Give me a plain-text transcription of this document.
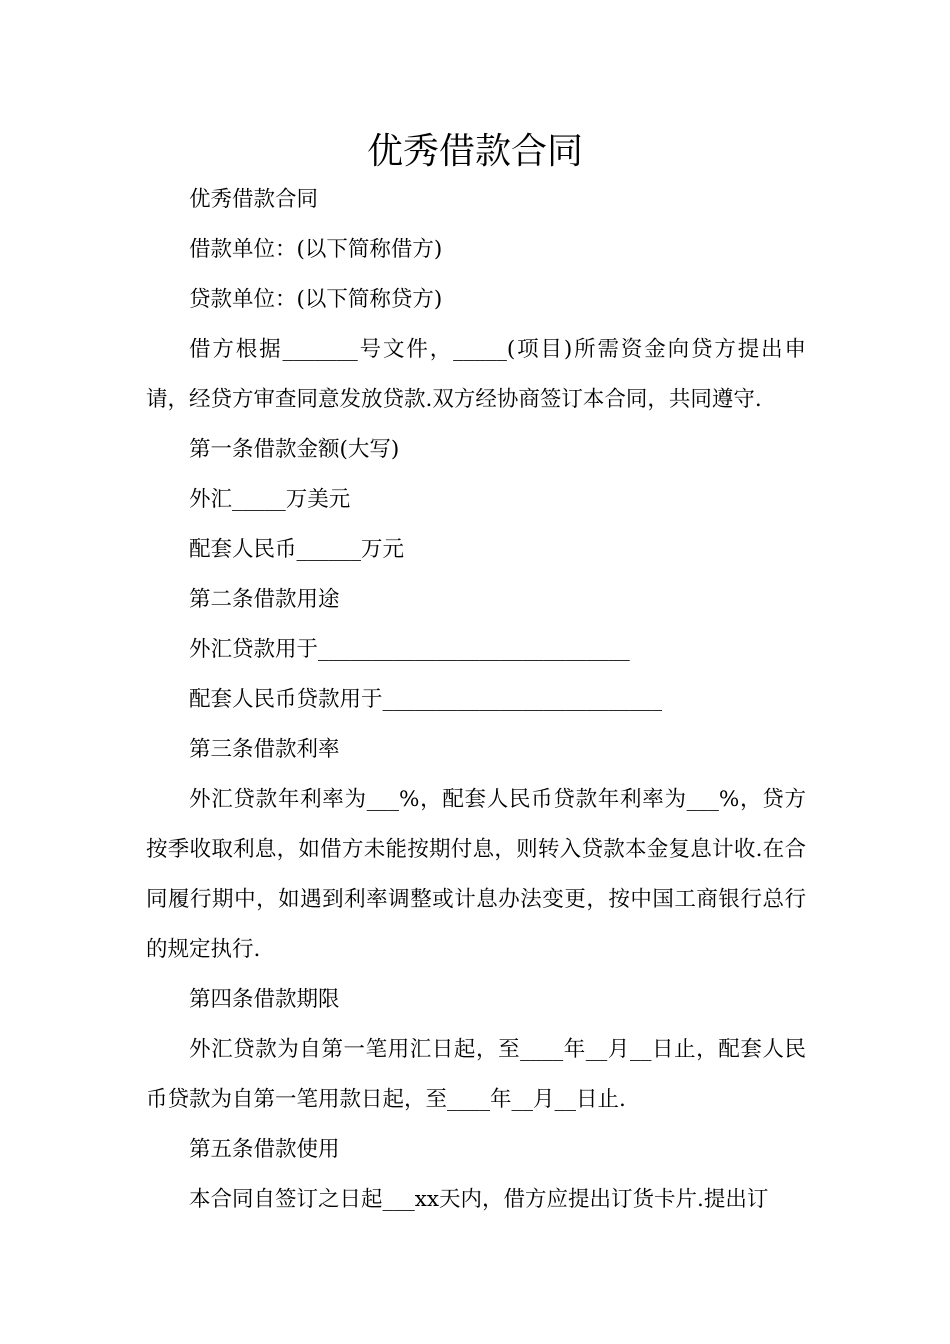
优秀借款合同

优秀借款合同

借款单位：(以下简称借方)

贷款单位：(以下简称贷方)

借方根据_______号文件，_____(项目)所需资金向贷方提出申请，经贷方审查同意发放贷款.双方经协商签订本合同，共同遵守.

第一条借款金额(大写)

外汇_____万美元

配套人民币______万元

第二条借款用途

外汇贷款用于_____________________________

配套人民币贷款用于__________________________

第三条借款利率

外汇贷款年利率为___%，配套人民币贷款年利率为___%，贷方按季收取利息，如借方未能按期付息，则转入贷款本金复息计收.在合同履行期中，如遇到利率调整或计息办法变更，按中国工商银行总行的规定执行.

第四条借款期限

外汇贷款为自第一笔用汇日起，至____年__月__日止，配套人民币贷款为自第一笔用款日起，至____年__月__日止.

第五条借款使用

本合同自签订之日起___xx天内，借方应提出订货卡片.提出订
